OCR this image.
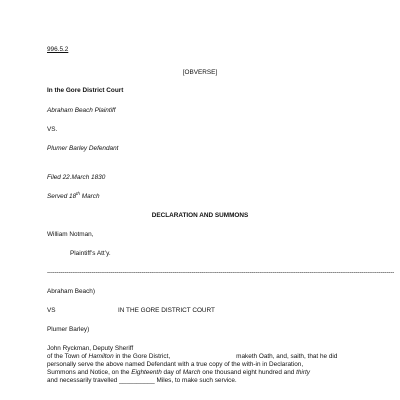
996.5.2
[OBVERSE]
In the Gore District Court
Abraham Beach Plaintiff
VS.
Plumer Barley Defendant
Filed 22.March 1830
Served 18th March
DECLARATION AND SUMMONS
William Notman,
Plaintiff’s Att’y.
------------------------------------------------------------------------------------------------------------------------------------------------------------------------------------
Abraham Beach)
VS	IN THE GORE DISTRICT COURT
Plumer Barley)
John Ryckman, Deputy Sheriff
of the Town of Hamilton in the Gore District,	maketh Oath, and, saith, that he did
personally serve the above named Defendant with a true copy of the with-in in Declaration,
Summons and Notice, on the Eighteenth day of March one thousand eight hundred and thirty
and necessarily travelled __________ Miles, to make such service.
